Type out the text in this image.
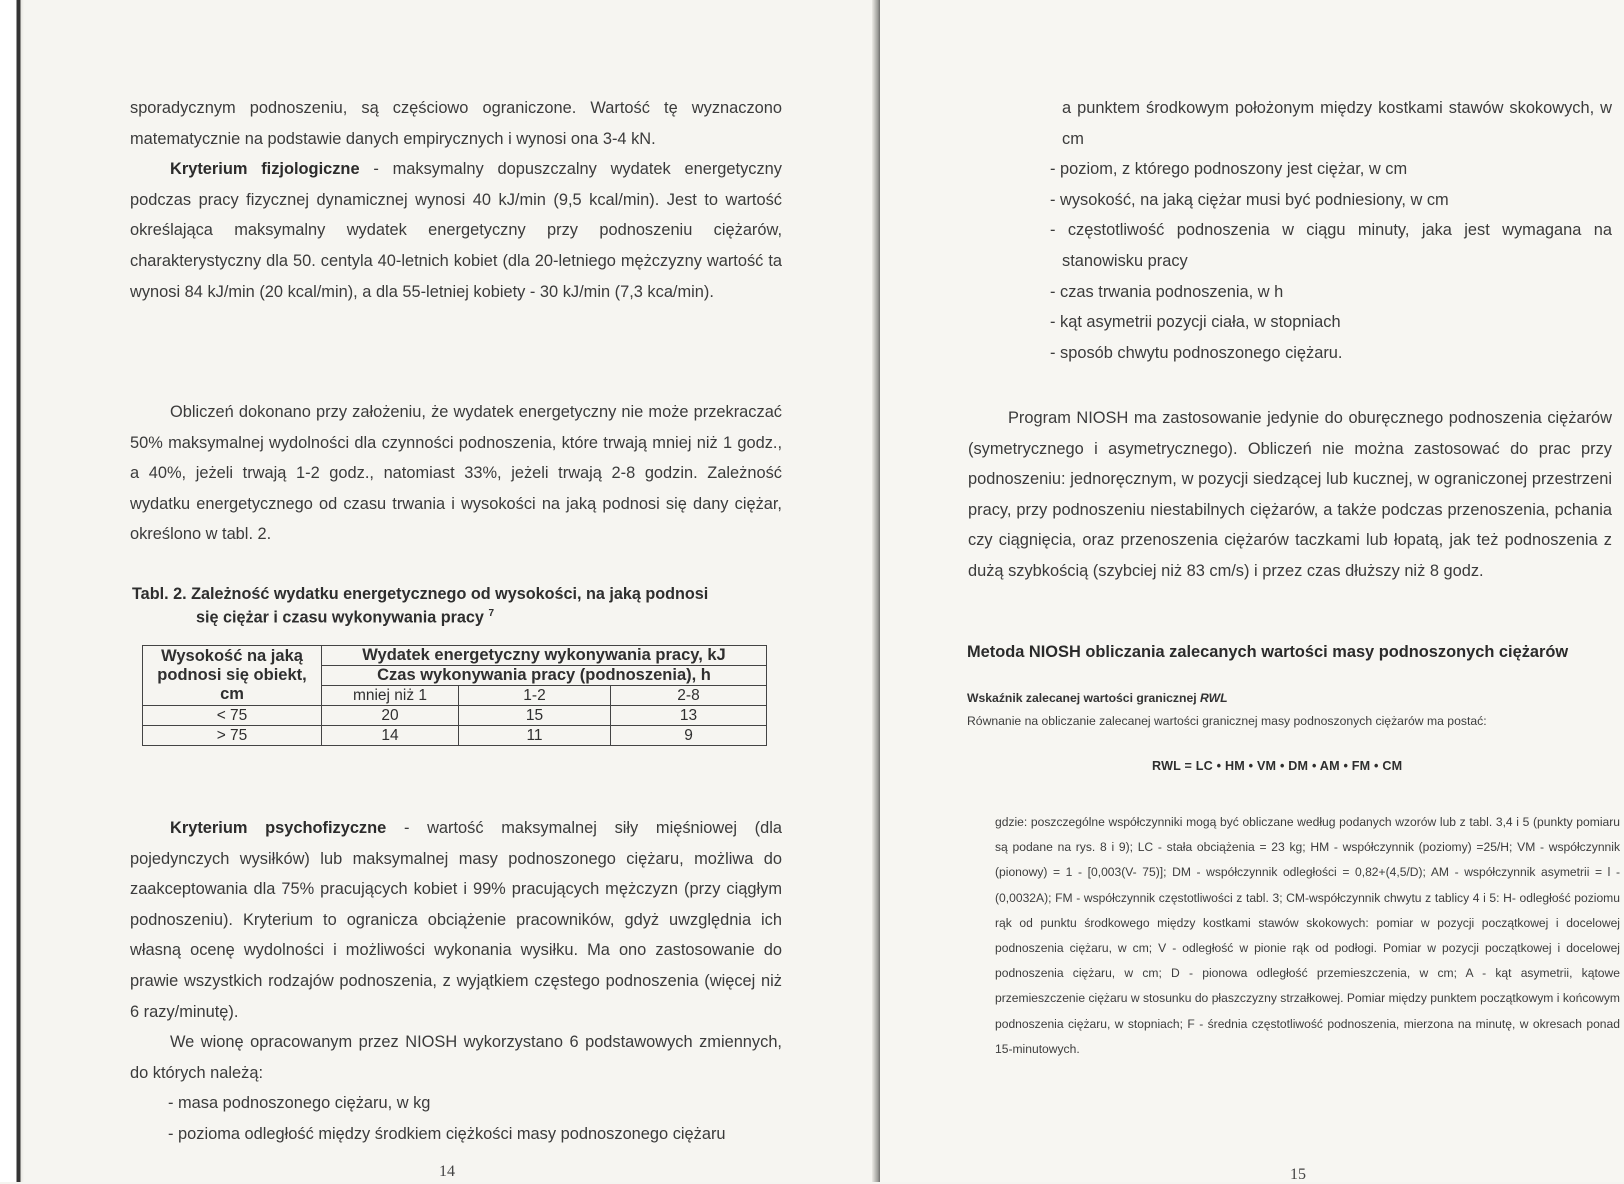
sporadycznym podnoszeniu, są częściowo ograniczone. Wartość tę wyznaczono matematycznie na podstawie danych empirycznych i wynosi ona 3-4 kN.

Kryterium fizjologiczne - maksymalny dopuszczalny wydatek energetyczny podczas pracy fizycznej dynamicznej wynosi 40 kJ/min (9,5 kcal/min). Jest to wartość określająca maksymalny wydatek energetyczny przy podnoszeniu ciężarów, charakterystyczny dla 50. centyla 40-letnich kobiet (dla 20-letniego mężczyzny wartość ta wynosi 84 kJ/min (20 kcal/min), a dla 55-letniej kobiety - 30 kJ/min (7,3 kca/min).

Obliczeń dokonano przy założeniu, że wydatek energetyczny nie może przekraczać 50% maksymalnej wydolności dla czynności podnoszenia, które trwają mniej niż 1 godz., a 40%, jeżeli trwają 1-2 godz., natomiast 33%, jeżeli trwają 2-8 godzin. Zależność wydatku energetycznego od czasu trwania i wysokości na jaką podnosi się dany ciężar, określono w tabl. 2.

Tabl. 2. Zależność wydatku energetycznego od wysokości, na jaką podnosi
się ciężar i czasu wykonywania pracy $^7$
Wysokość na jaką podnosi się obiekt, cm	Wydatek energetyczny wykonywania pracy, kJ		
	Czas wykonywania pracy (podnoszenia), h		
	mniej niż 1	1-2	2-8
< 75	20	15	13
> 75	14	11	9

Kryterium psychofizyczne - wartość maksymalnej siły mięśniowej (dla pojedynczych wysiłków) lub maksymalnej masy podnoszonego ciężaru, możliwa do zaakceptowania dla 75% pracujących kobiet i 99% pracujących mężczyzn (przy ciągłym podnoszeniu). Kryterium to ogranicza obciążenie pracowników, gdyż uwzględnia ich własną ocenę wydolności i możliwości wykonania wysiłku. Ma ono zastosowanie do prawie wszystkich rodzajów podnoszenia, z wyjątkiem częstego podnoszenia (więcej niż 6 razy/minutę).

We wionę opracowanym przez NIOSH wykorzystano 6 podstawowych zmiennych, do których należą:

- masa podnoszonego ciężaru, w kg

- pozioma odległość między środkiem ciężkości masy podnoszonego ciężaru

14

a punktem środkowym położonym między kostkami stawów skokowych, w cm

- poziom, z którego podnoszony jest ciężar, w cm

- wysokość, na jaką ciężar musi być podniesiony, w cm

- częstotliwość podnoszenia w ciągu minuty, jaka jest wymagana na stanowisku pracy

- czas trwania podnoszenia, w h

- kąt asymetrii pozycji ciała, w stopniach

- sposób chwytu podnoszonego ciężaru.

Program NIOSH ma zastosowanie jedynie do oburęcznego podnoszenia ciężarów (symetrycznego i asymetrycznego). Obliczeń nie można zastosować do prac przy podnoszeniu: jednoręcznym, w pozycji siedzącej lub kucznej, w ograniczonej przestrzeni pracy, przy podnoszeniu niestabilnych ciężarów, a także podczas przenoszenia, pchania czy ciągnięcia, oraz przenoszenia ciężarów taczkami lub łopatą, jak też podnoszenia z dużą szybkością (szybciej niż 83 cm/s) i przez czas dłuższy niż 8 godz.

Metoda NIOSH obliczania zalecanych wartości masy podnoszonych ciężarów
Wskaźnik zalecanej wartości granicznej RWL
Równanie na obliczanie zalecanej wartości granicznej masy podnoszonych ciężarów ma postać:
RWL = LC • HM • VM • DM • AM • FM • CM

gdzie: poszczególne współczynniki mogą być obliczane według podanych wzorów lub z tabl. 3,4 i 5 (punkty pomiaru są podane na rys. 8 i 9); LC - stała obciążenia = 23 kg; HM - współczynnik (poziomy) =25/H; VM - współczynnik (pionowy) = 1 - [0,003(V- 75)]; DM - współczynnik odległości = 0,82+(4,5/D); AM - współczynnik asymetrii = l - (0,0032A); FM - współczynnik częstotliwości z tabl. 3; CM-współczynnik chwytu z tablicy 4 i 5: H- odległość poziomu rąk od punktu środkowego między kostkami stawów skokowych: pomiar w pozycji początkowej i docelowej podnoszenia ciężaru, w cm; V - odległość w pionie rąk od podłogi. Pomiar w pozycji początkowej i docelowej podnoszenia ciężaru, w cm; D - pionowa odległość przemieszczenia, w cm; A - kąt asymetrii, kątowe przemieszczenie ciężaru w stosunku do płaszczyzny strzałkowej. Pomiar między punktem początkowym i końcowym podnoszenia ciężaru, w stopniach; F - średnia częstotliwość podnoszenia, mierzona na minutę, w okresach ponad 15-minutowych.

15
